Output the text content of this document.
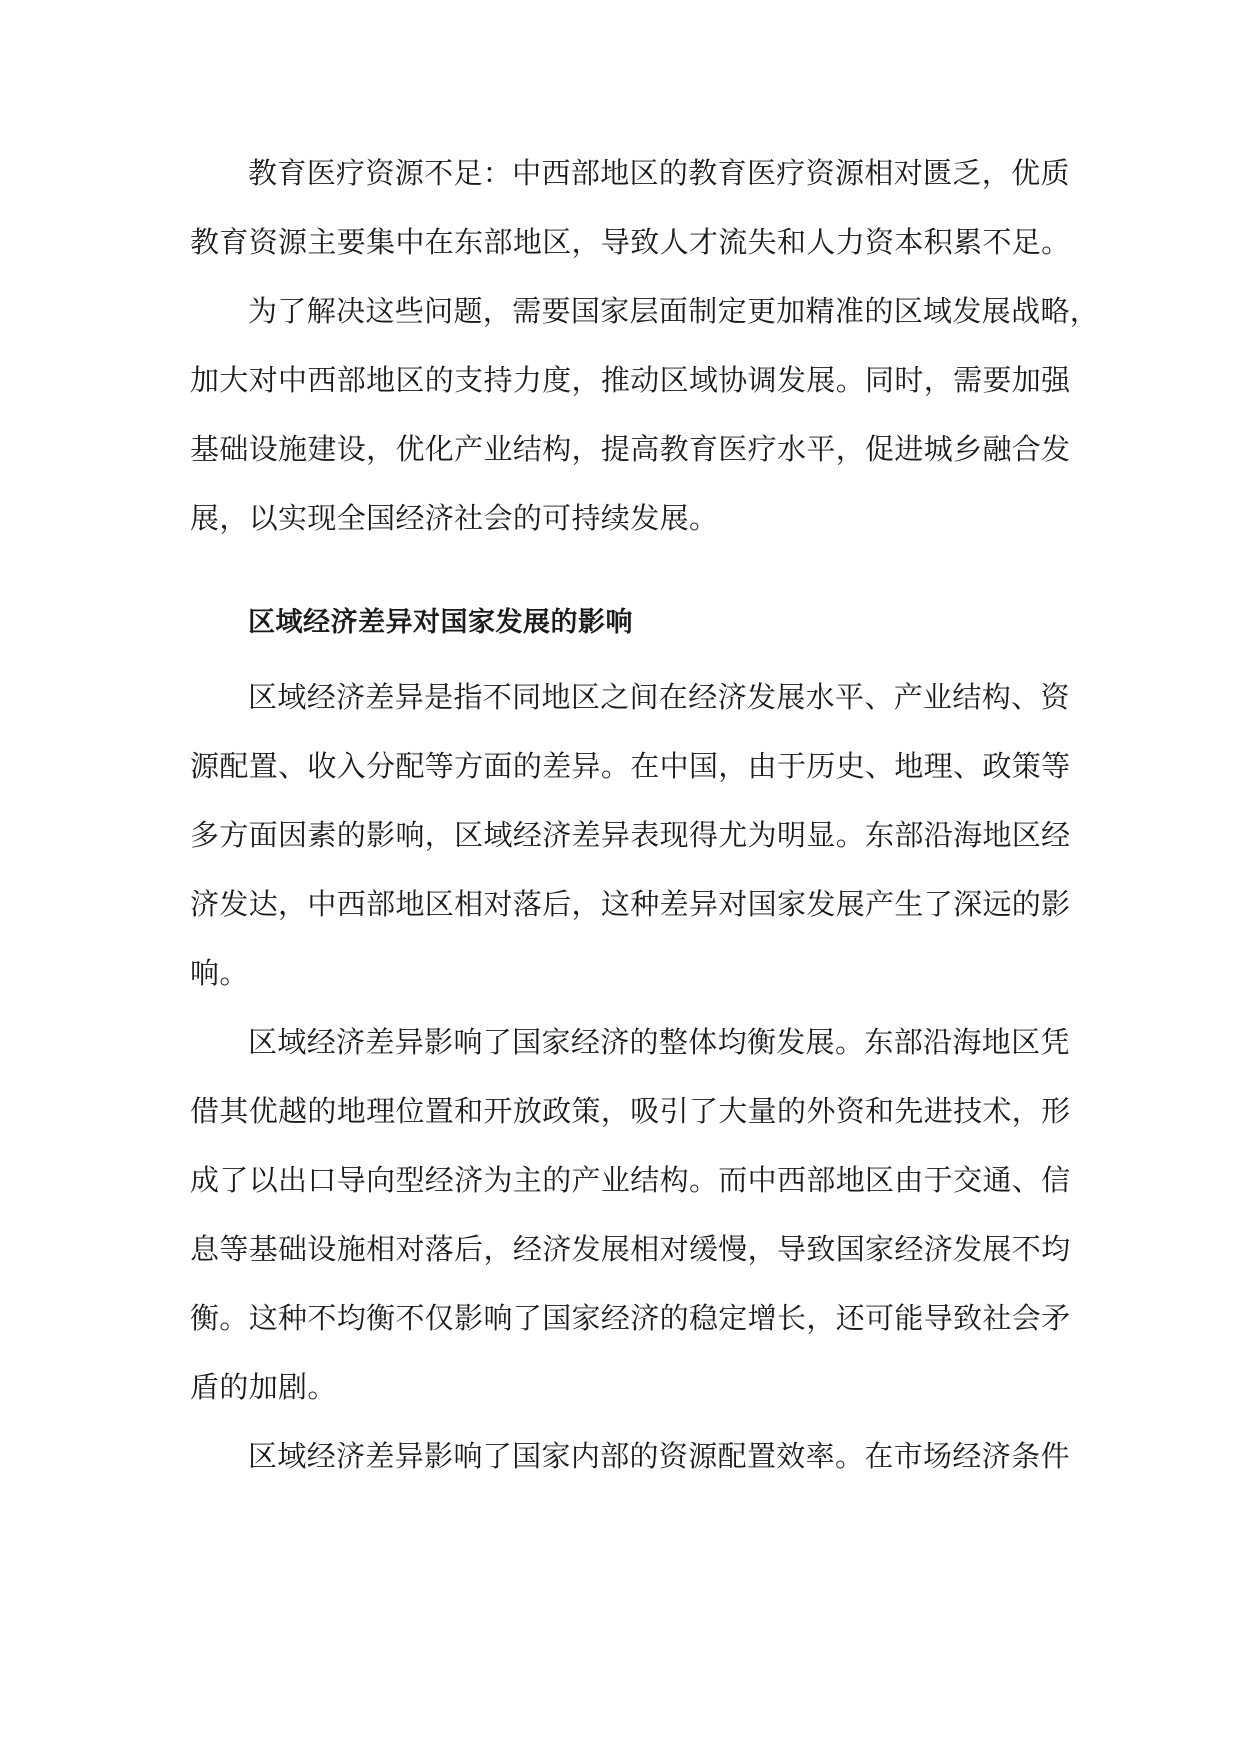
教育医疗资源不足：中西部地区的教育医疗资源相对匮乏，优质
教育资源主要集中在东部地区，导致人才流失和人力资本积累不足。
为了解决这些问题，需要国家层面制定更加精准的区域发展战略，
加大对中西部地区的支持力度，推动区域协调发展。同时，需要加强
基础设施建设，优化产业结构，提高教育医疗水平，促进城乡融合发
展，以实现全国经济社会的可持续发展。
区域经济差异对国家发展的影响
区域经济差异是指不同地区之间在经济发展水平、产业结构、资
源配置、收入分配等方面的差异。在中国，由于历史、地理、政策等
多方面因素的影响，区域经济差异表现得尤为明显。东部沿海地区经
济发达，中西部地区相对落后，这种差异对国家发展产生了深远的影
响。
区域经济差异影响了国家经济的整体均衡发展。东部沿海地区凭
借其优越的地理位置和开放政策，吸引了大量的外资和先进技术，形
成了以出口导向型经济为主的产业结构。而中西部地区由于交通、信
息等基础设施相对落后，经济发展相对缓慢，导致国家经济发展不均
衡。这种不均衡不仅影响了国家经济的稳定增长，还可能导致社会矛
盾的加剧。
区域经济差异影响了国家内部的资源配置效率。在市场经济条件
